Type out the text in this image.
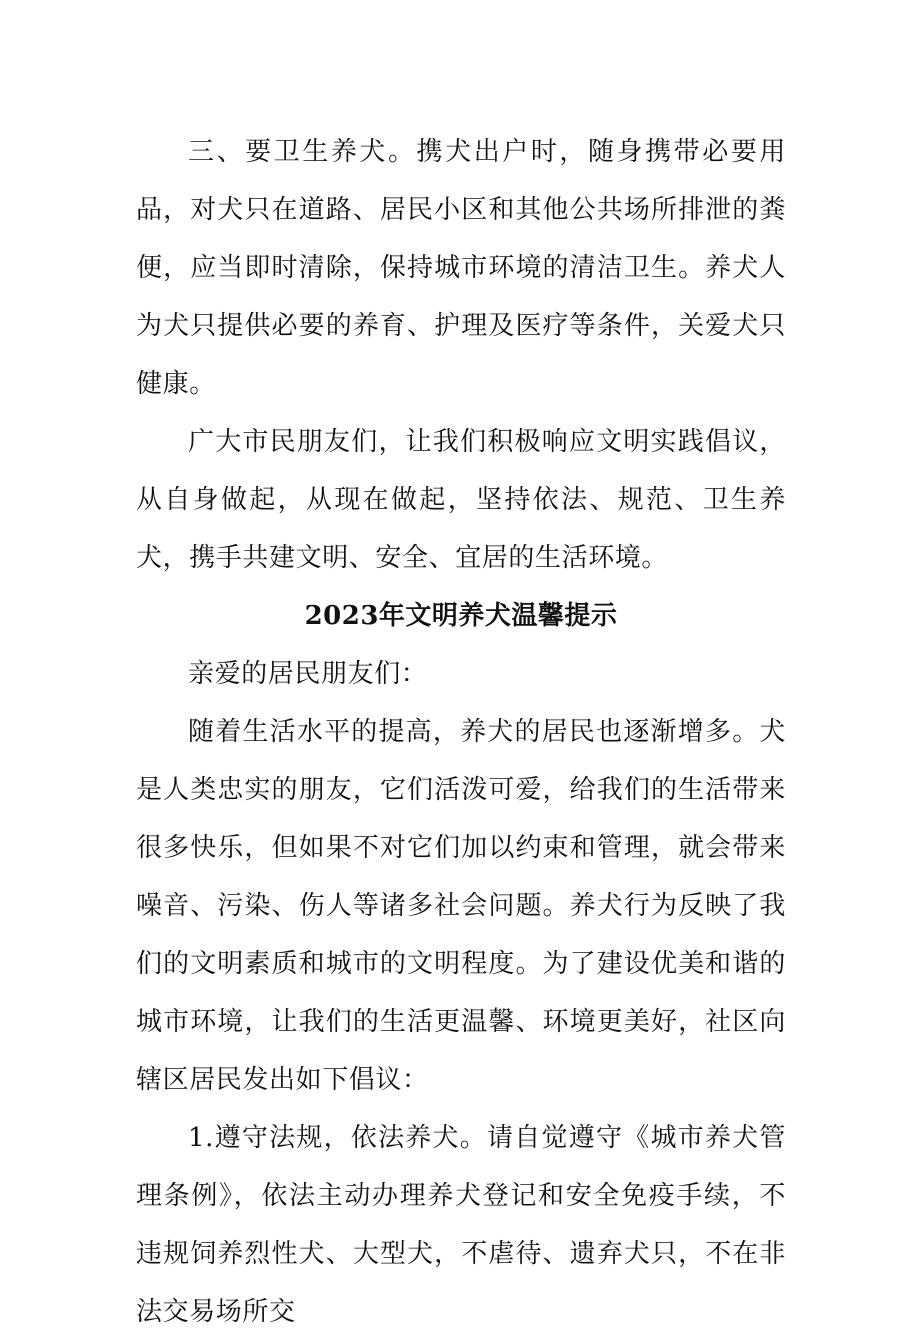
三、要卫生养犬。携犬出户时，随身携带必要用品，对犬只在道路、居民小区和其他公共场所排泄的粪便，应当即时清除，保持城市环境的清洁卫生。养犬人为犬只提供必要的养育、护理及医疗等条件，关爱犬只健康。

广大市民朋友们，让我们积极响应文明实践倡议，从自身做起，从现在做起，坚持依法、规范、卫生养犬，携手共建文明、安全、宜居的生活环境。

2023年文明养犬温馨提示

亲爱的居民朋友们：

随着生活水平的提高，养犬的居民也逐渐增多。犬是人类忠实的朋友，它们活泼可爱，给我们的生活带来很多快乐，但如果不对它们加以约束和管理，就会带来噪音、污染、伤人等诸多社会问题。养犬行为反映了我们的文明素质和城市的文明程度。为了建设优美和谐的城市环境，让我们的生活更温馨、环境更美好，社区向辖区居民发出如下倡议：

1.遵守法规，依法养犬。请自觉遵守《城市养犬管理条例》，依法主动办理养犬登记和安全免疫手续，不违规饲养烈性犬、大型犬，不虐待、遗弃犬只，不在非法交易场所交
